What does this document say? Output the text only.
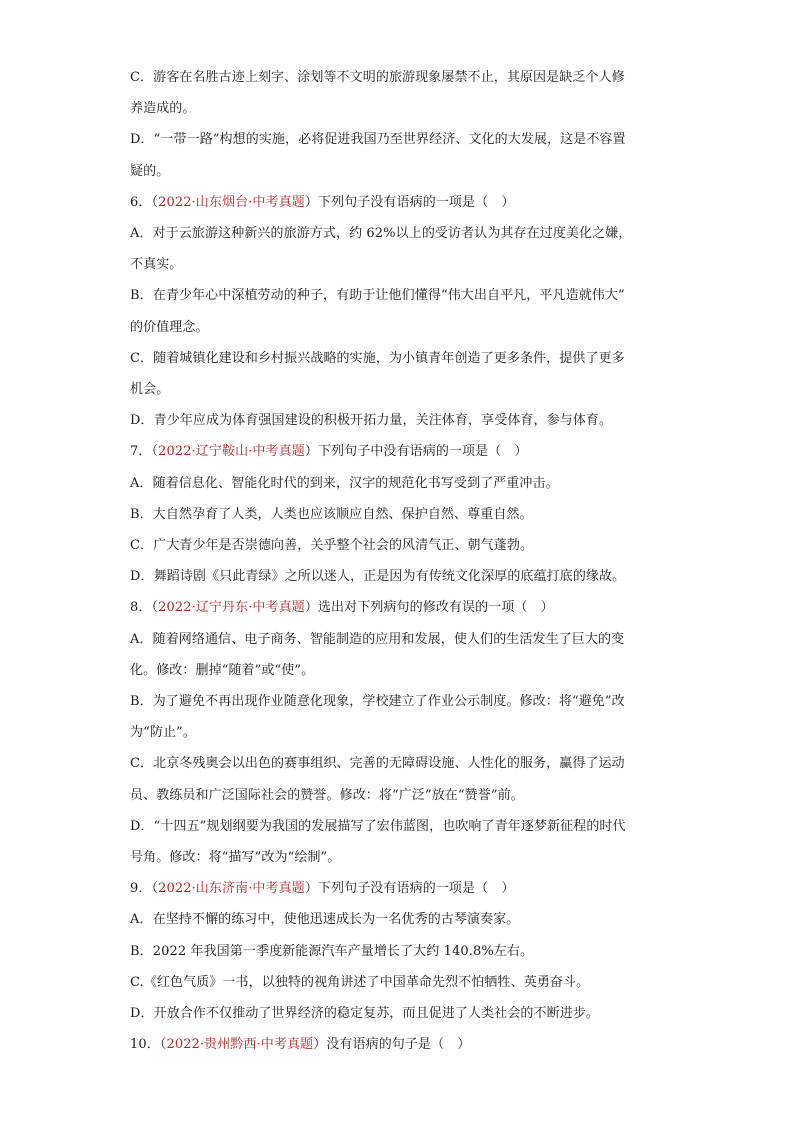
C．游客在名胜古迹上刻字、涂划等不文明的旅游现象屡禁不止，其原因是缺乏个人修
养造成的。
D．“一带一路”构想的实施，必将促进我国乃至世界经济、文化的大发展，这是不容置
疑的。
6．（2022·山东烟台·中考真题）下列句子没有语病的一项是（　）
A．对于云旅游这种新兴的旅游方式，约 62%以上的受访者认为其存在过度美化之嫌，
不真实。
B．在青少年心中深植劳动的种子，有助于让他们懂得“伟大出自平凡，平凡造就伟大”
的价值理念。
C．随着城镇化建设和乡村振兴战略的实施，为小镇青年创造了更多条件，提供了更多
机会。
D．青少年应成为体育强国建设的积极开拓力量，关注体育，享受体育，参与体育。
7．（2022·辽宁鞍山·中考真题）下列句子中没有语病的一项是（　）
A．随着信息化、智能化时代的到来，汉字的规范化书写受到了严重冲击。
B．大自然孕育了人类，人类也应该顺应自然、保护自然、尊重自然。
C．广大青少年是否崇德向善，关乎整个社会的风清气正、朝气蓬勃。
D．舞蹈诗剧《只此青绿》之所以迷人，正是因为有传统文化深厚的底蕴打底的缘故。
8．（2022·辽宁丹东·中考真题）选出对下列病句的修改有误的一项（　）
A．随着网络通信、电子商务、智能制造的应用和发展，使人们的生活发生了巨大的变
化。修改：删掉“随着”或“使”。
B．为了避免不再出现作业随意化现象，学校建立了作业公示制度。修改：将“避免”改
为“防止”。
C．北京冬残奥会以出色的赛事组织、完善的无障碍设施、人性化的服务，赢得了运动
员、教练员和广泛国际社会的赞誉。修改：将“广泛”放在“赞誉”前。
D．“十四五”规划纲要为我国的发展描写了宏伟蓝图，也吹响了青年逐梦新征程的时代
号角。修改：将“描写”改为“绘制”。
9．（2022·山东济南·中考真题）下列句子没有语病的一项是（　）
A．在坚持不懈的练习中，使他迅速成长为一名优秀的古琴演奏家。
B．2022 年我国第一季度新能源汽车产量增长了大约 140.8%左右。
C.《红色气质》一书，以独特的视角讲述了中国革命先烈不怕牺牲、英勇奋斗。
D．开放合作不仅推动了世界经济的稳定复苏，而且促进了人类社会的不断进步。
10．（2022·贵州黔西·中考真题）没有语病的句子是（　）
